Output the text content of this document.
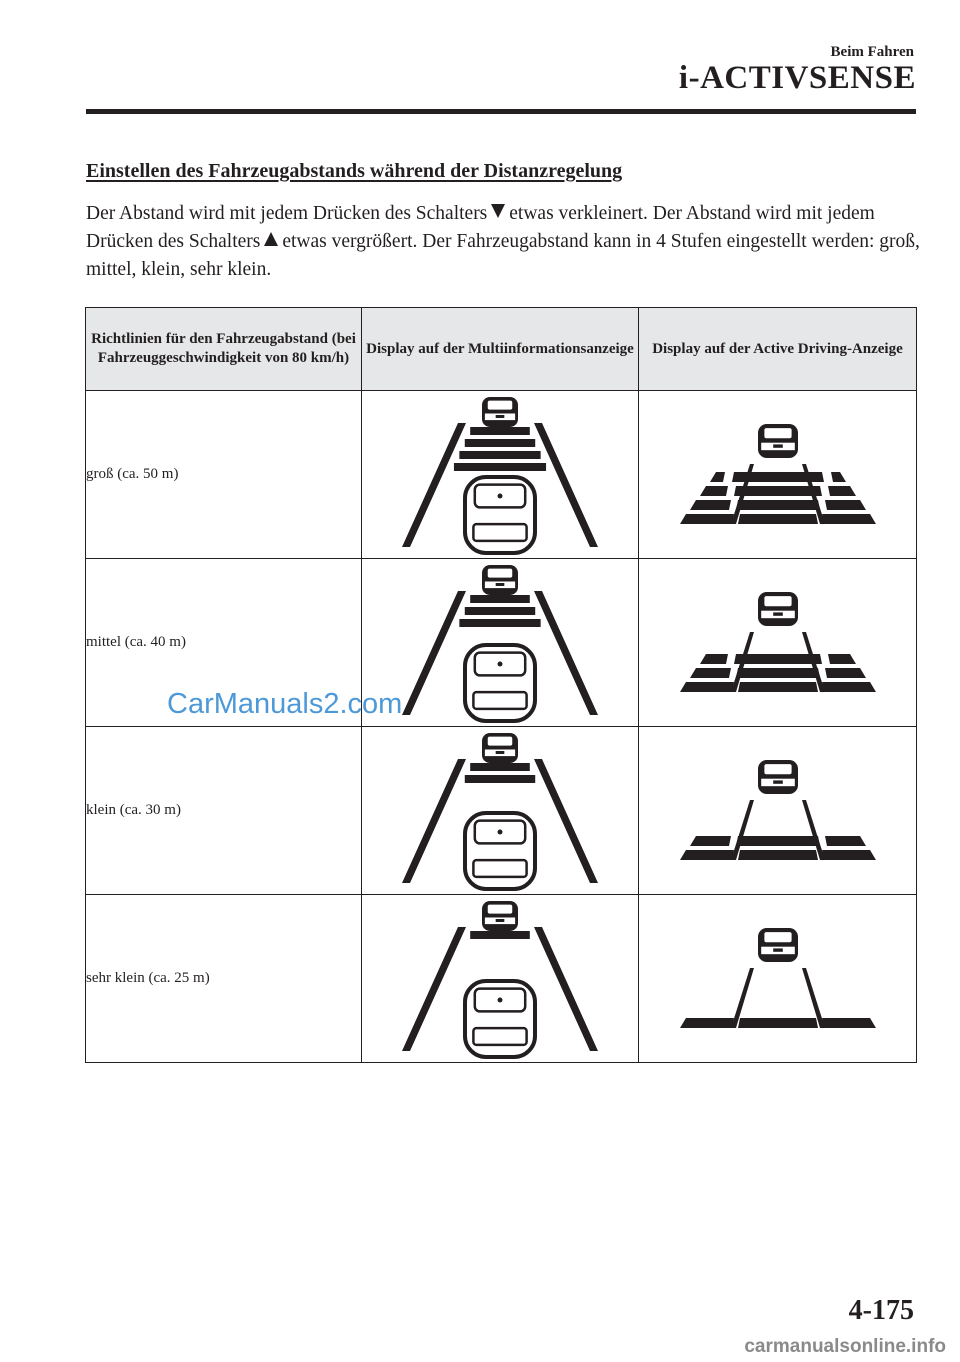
Beim Fahren
i-ACTIVSENSE
Einstellen des Fahrzeugabstands während der Distanzregelung
Der Abstand wird mit jedem Drücken des Schalters etwas verkleinert. Der Abstand wird mit jedem Drücken des Schalters etwas vergrößert. Der Fahrzeugabstand kann in 4 Stufen eingestellt werden: groß, mittel, klein, sehr klein.
Richtlinien für den Fahrzeugabstand (bei Fahrzeuggeschwindigkeit von 80 km/h)	Display auf der Multiinformationsanzeige	Display auf der Active Driving-Anzeige
groß (ca. 50 m)	

mittel (ca. 40 m)	

klein (ca. 30 m)	

sehr klein (ca. 25 m)	

CarManuals2.com
4-175
carmanualsonline.info
